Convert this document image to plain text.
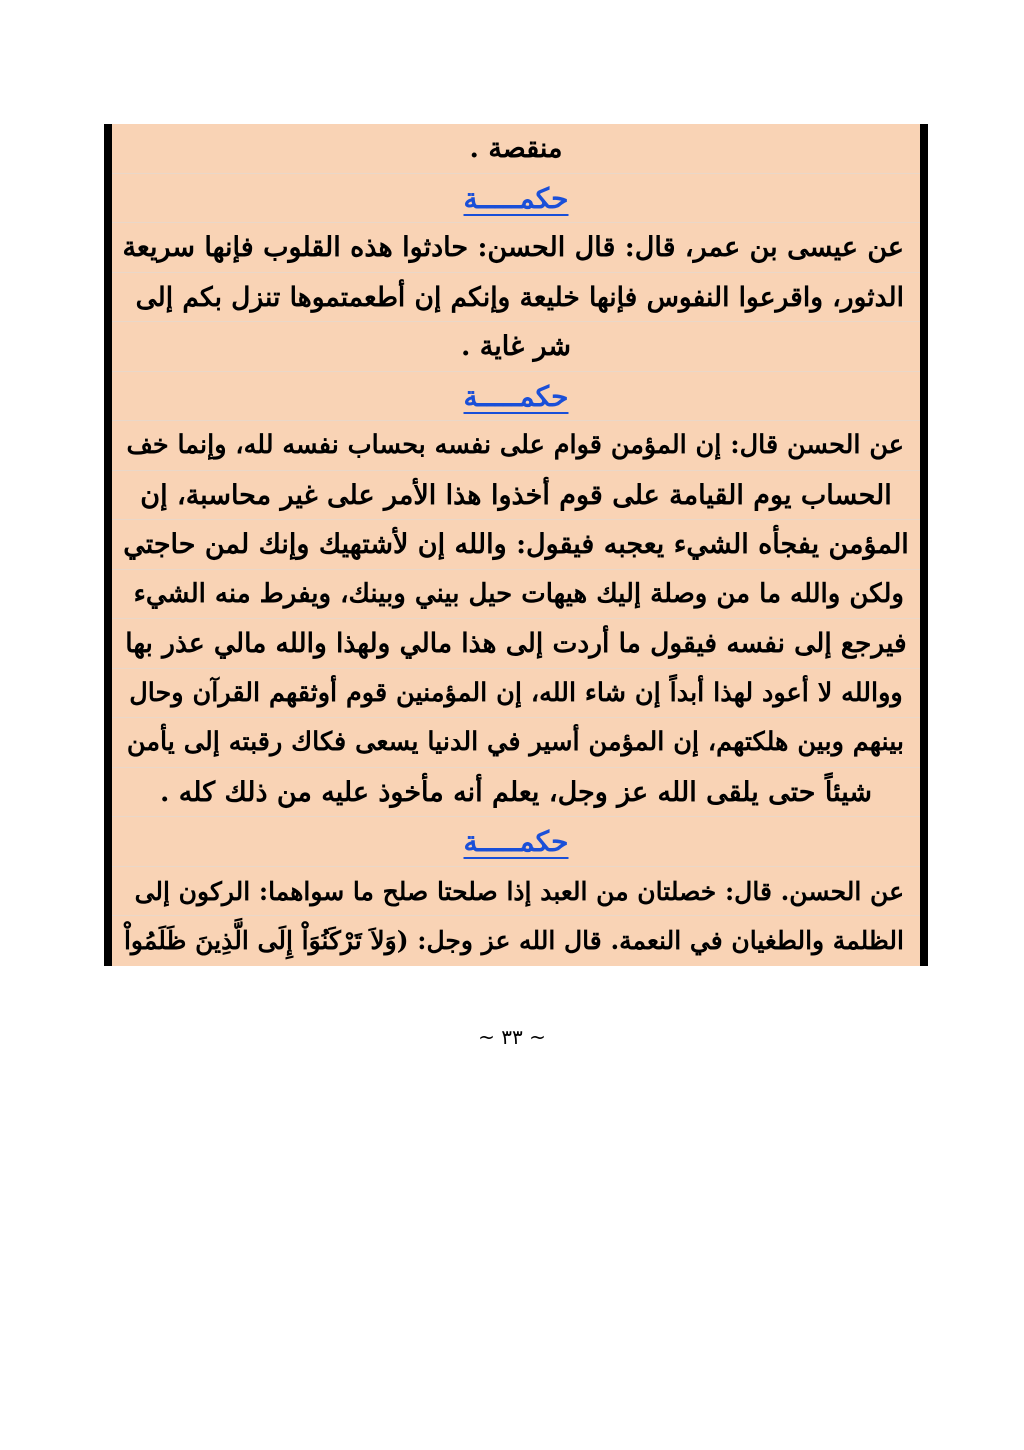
منقصة .
حكمـــــة
عن عيسى بن عمر، قال: قال الحسن: حادثوا هذه القلوب فإنها سريعة
الدثور، واقرعوا النفوس فإنها خليعة وإنكم إن أطعمتموها تنزل بكم إلى
شر غاية .
حكمـــــة
عن الحسن قال: إن المؤمن قوام على نفسه بحساب نفسه لله، وإنما خف
الحساب يوم القيامة على قوم أخذوا هذا الأمر على غير محاسبة، إن
المؤمن يفجأه الشيء يعجبه فيقول: والله إن لأشتهيك وإنك لمن حاجتي
ولكن والله ما من وصلة إليك هيهات حيل بيني وبينك، ويفرط منه الشيء
فيرجع إلى نفسه فيقول ما أردت إلى هذا مالي ولهذا والله مالي عذر بها
ووالله لا أعود لهذا أبداً إن شاء الله، إن المؤمنين قوم أوثقهم القرآن وحال
بينهم وبين هلكتهم، إن المؤمن أسير في الدنيا يسعى فكاك رقبته إلى يأمن
شيئاً حتى يلقى الله عز وجل، يعلم أنه مأخوذ عليه من ذلك كله .
حكمـــــة
عن الحسن. قال: خصلتان من العبد إذا صلحتا صلح ما سواهما: الركون إلى
الظلمة والطغيان في النعمة. قال الله عز وجل: (وَلاَ تَرْكَنُوَاْ إِلَى الَّذِينَ ظَلَمُواْ
~ ٣٣ ~
